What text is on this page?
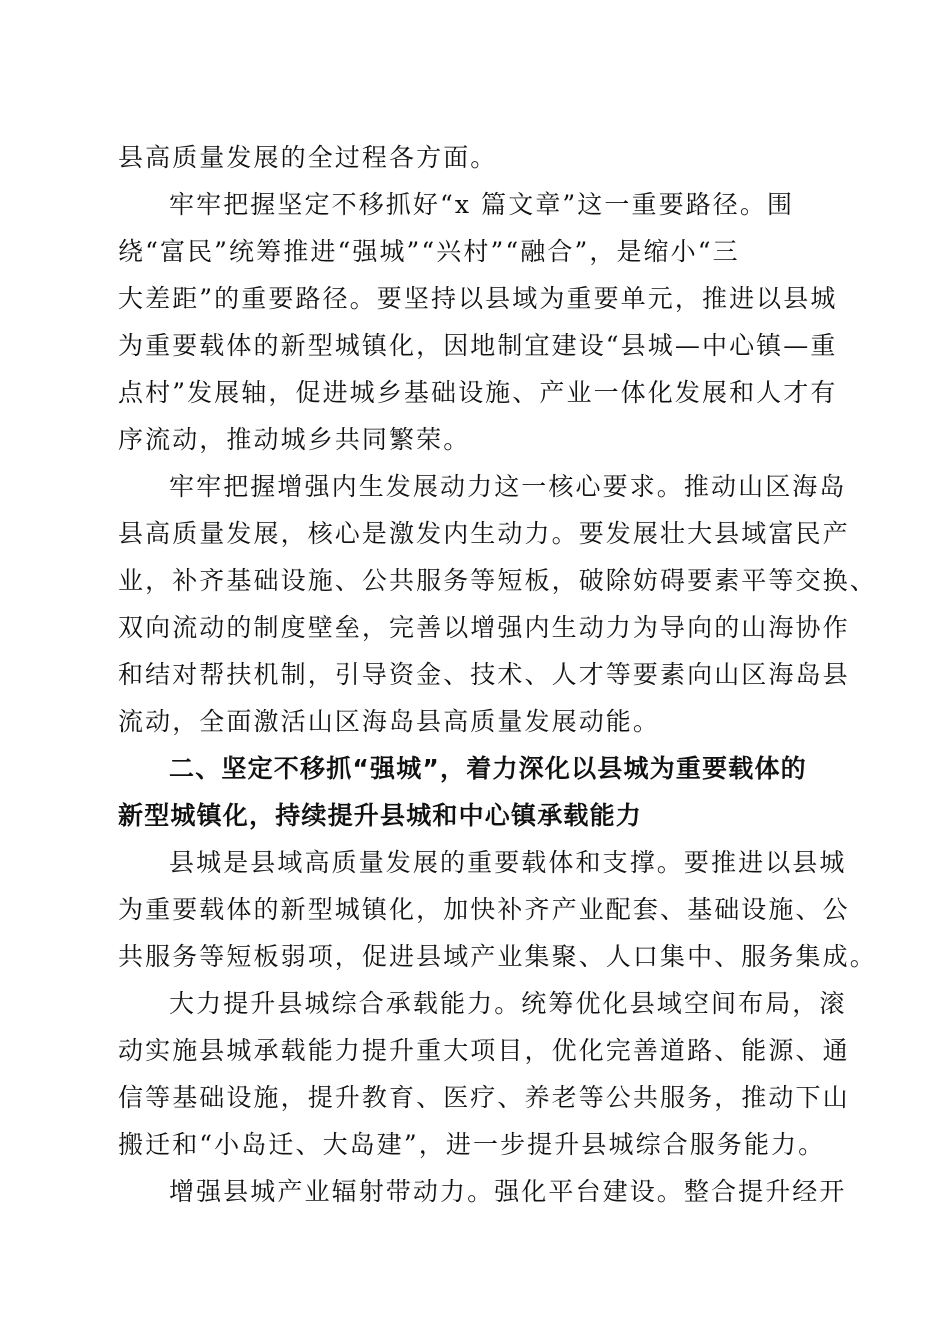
县高质量发展的全过程各方面。
牢牢把握坚定不移抓好“x 篇文章”这一重要路径。围
绕“富民”统筹推进“强城”“兴村”“融合”，是缩小“三
大差距”的重要路径。要坚持以县域为重要单元，推进以县城
为重要载体的新型城镇化，因地制宜建设“县城—中心镇—重
点村”发展轴，促进城乡基础设施、产业一体化发展和人才有
序流动，推动城乡共同繁荣。
牢牢把握增强内生发展动力这一核心要求。推动山区海岛
县高质量发展，核心是激发内生动力。要发展壮大县域富民产
业，补齐基础设施、公共服务等短板，破除妨碍要素平等交换、
双向流动的制度壁垒，完善以增强内生动力为导向的山海协作
和结对帮扶机制，引导资金、技术、人才等要素向山区海岛县
流动，全面激活山区海岛县高质量发展动能。
二、坚定不移抓“强城”，着力深化以县城为重要载体的
新型城镇化，持续提升县城和中心镇承载能力
县城是县域高质量发展的重要载体和支撑。要推进以县城
为重要载体的新型城镇化，加快补齐产业配套、基础设施、公
共服务等短板弱项，促进县域产业集聚、人口集中、服务集成。
大力提升县城综合承载能力。统筹优化县域空间布局，滚
动实施县城承载能力提升重大项目，优化完善道路、能源、通
信等基础设施，提升教育、医疗、养老等公共服务，推动下山
搬迁和“小岛迁、大岛建”，进一步提升县城综合服务能力。
增强县城产业辐射带动力。强化平台建设。整合提升经开
